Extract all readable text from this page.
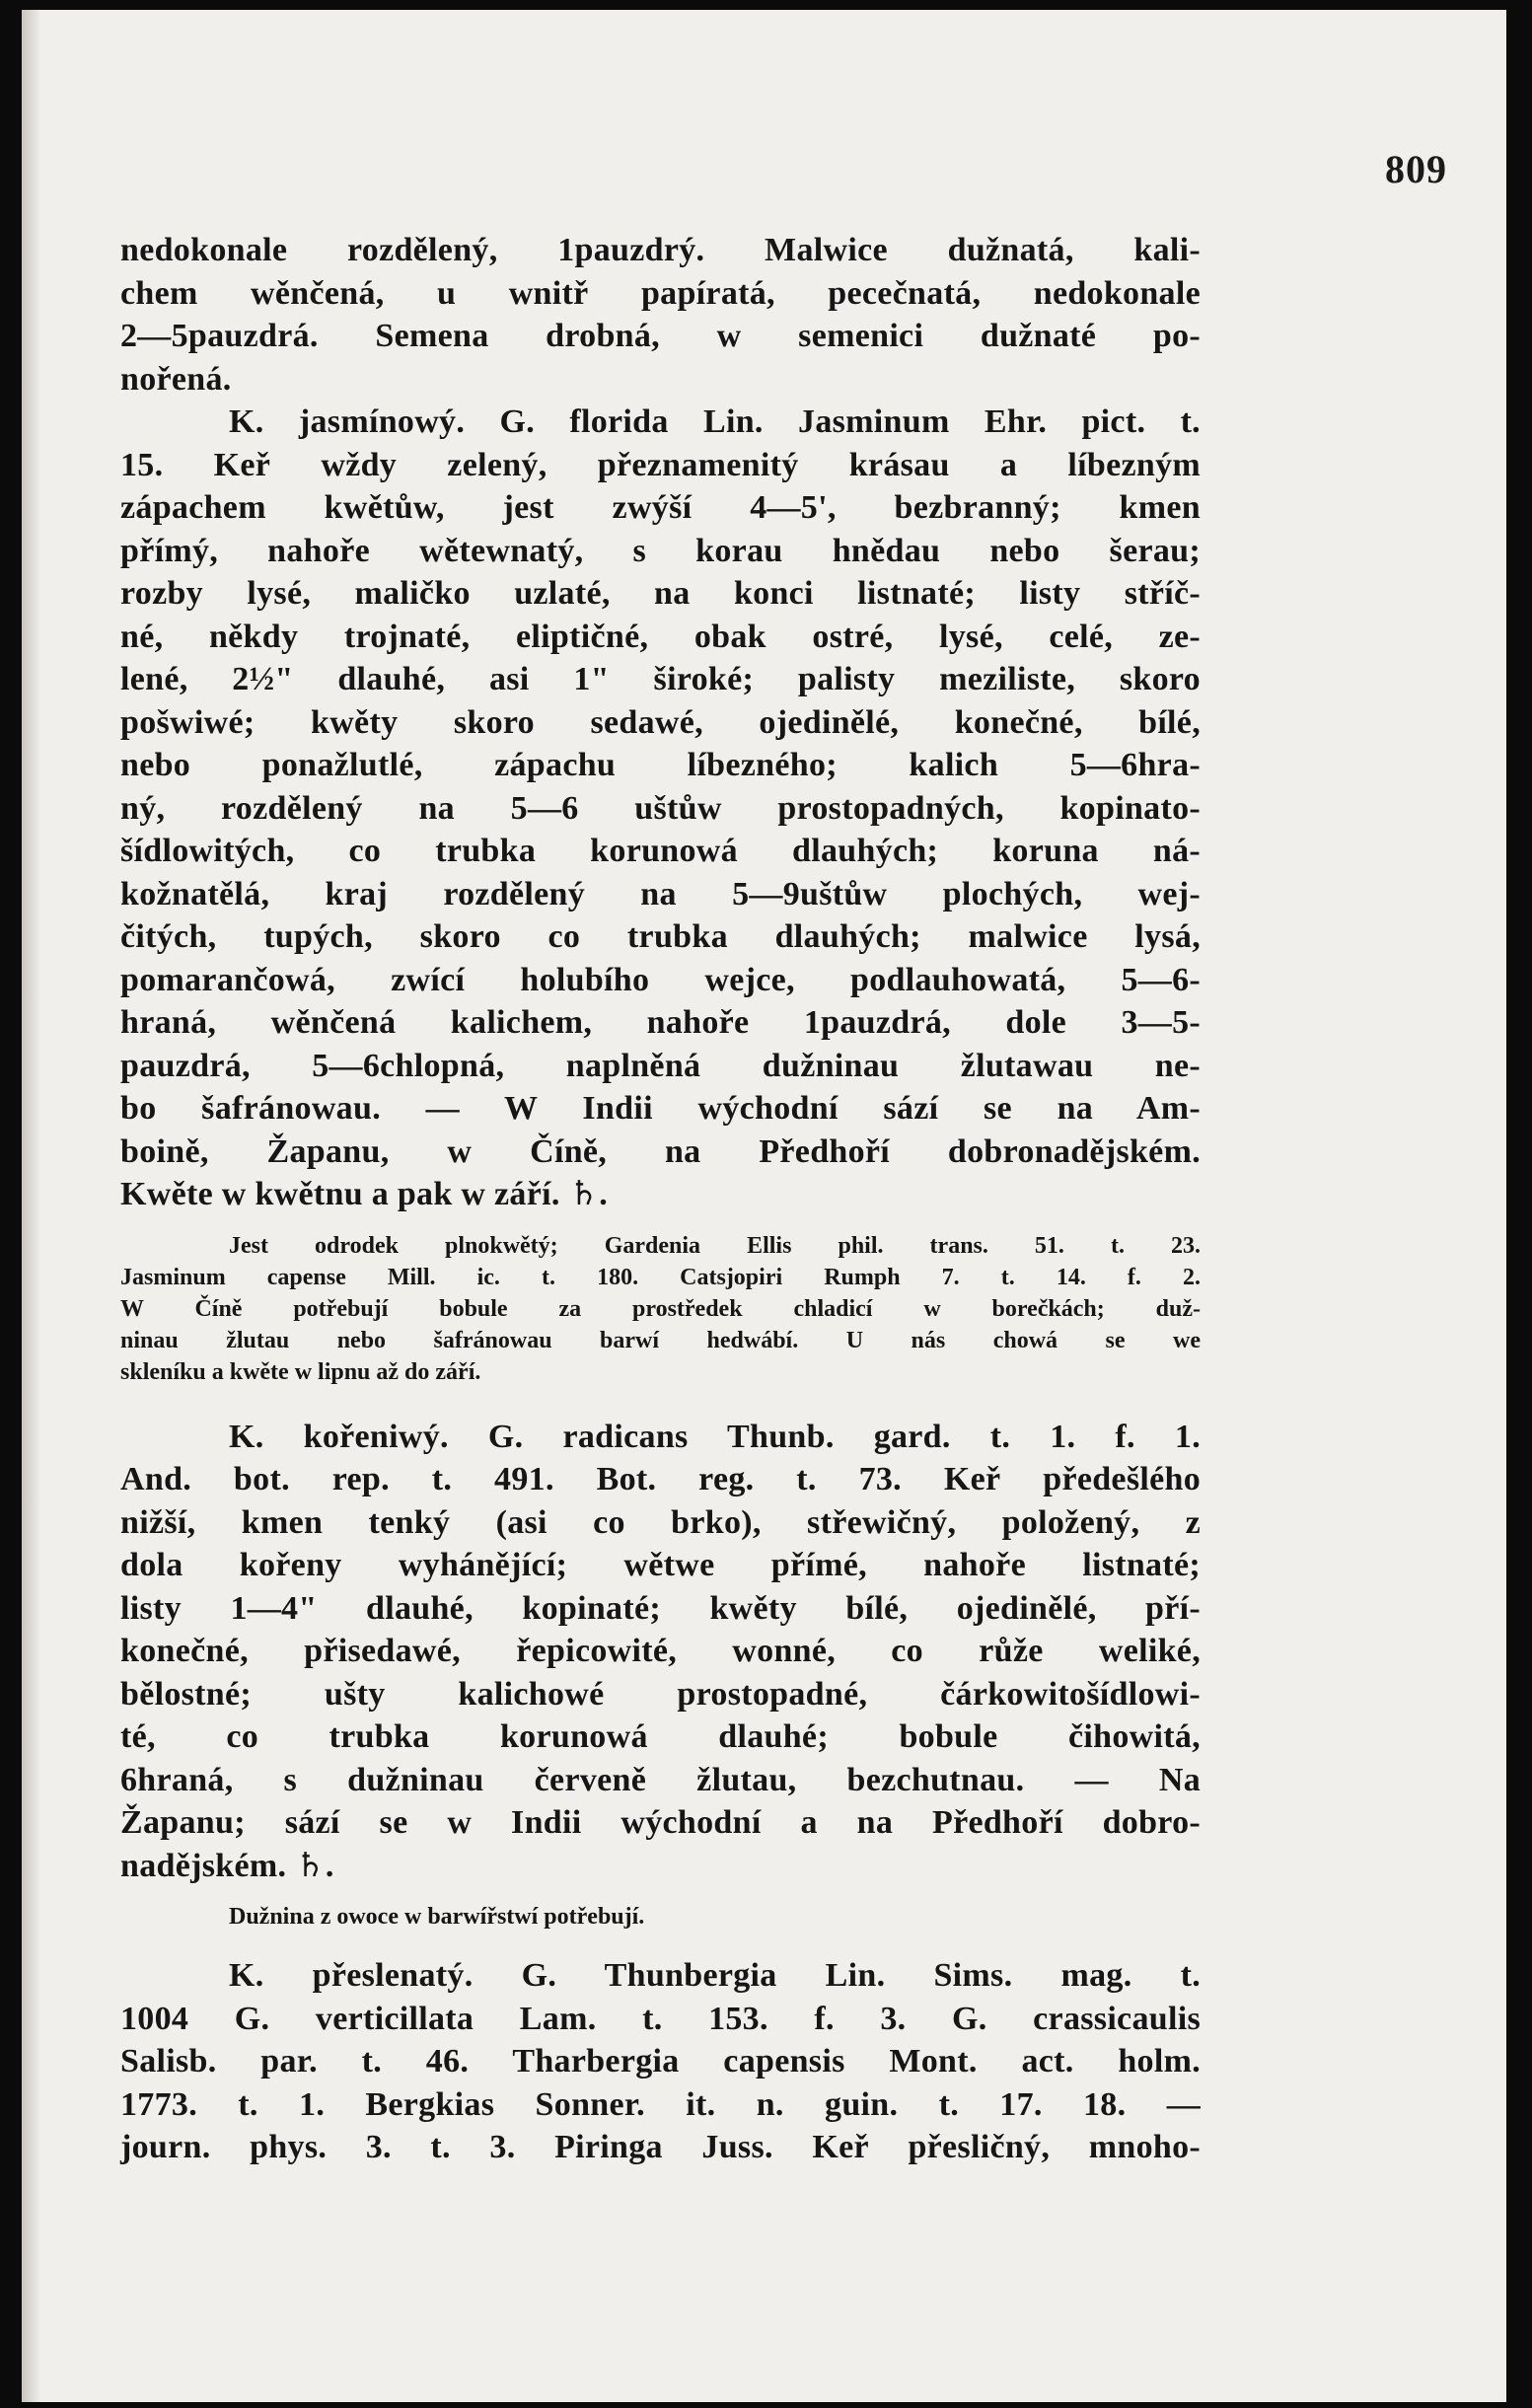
809
nedokonale rozdělený, 1pauzdrý. Malwice dužnatá, kali-
chem wěnčená, u wnitř papíratá, pecečnatá, nedokonale
2—5pauzdrá. Semena drobná, w semenici dužnaté po-
nořená.
K. jasmínowý. G. florida Lin. Jasminum Ehr. pict. t.
15. Keř wždy zelený, přeznamenitý krásau a líbezným
zápachem kwětůw, jest zwýší 4—5', bezbranný; kmen
přímý, nahoře wětewnatý, s korau hnědau nebo šerau;
rozby lysé, maličko uzlaté, na konci listnaté; listy stříč-
né, někdy trojnaté, eliptičné, obak ostré, lysé, celé, ze-
lené, 2½" dlauhé, asi 1" široké; palisty meziliste, skoro
pošwiwé; kwěty skoro sedawé, ojedinělé, konečné, bílé,
nebo ponažlutlé, zápachu líbezného; kalich 5—6hra-
ný, rozdělený na 5—6 uštůw prostopadných, kopinato-
šídlowitých, co trubka korunowá dlauhých; koruna ná-
kožnatělá, kraj rozdělený na 5—9uštůw plochých, wej-
čitých, tupých, skoro co trubka dlauhých; malwice lysá,
pomarančowá, zwící holubího wejce, podlauhowatá, 5—6-
hraná, wěnčená kalichem, nahoře 1pauzdrá, dole 3—5-
pauzdrá, 5—6chlopná, naplněná dužninau žlutawau ne-
bo šafránowau. — W Indii wýchodní sází se na Am-
boině, Žapanu, w Číně, na Předhoří dobronadějském.
Kwěte w kwětnu a pak w září. ♄.
Jest odrodek plnokwětý; Gardenia Ellis phil. trans. 51. t. 23.
Jasminum capense Mill. ic. t. 180. Catsjopiri Rumph 7. t. 14. f. 2.
W Číně potřebují bobule za prostředek chladicí w borečkách; duž-
ninau žlutau nebo šafránowau barwí hedwábí. U nás chowá se we
skleníku a kwěte w lipnu až do září.
K. kořeniwý. G. radicans Thunb. gard. t. 1. f. 1.
And. bot. rep. t. 491. Bot. reg. t. 73. Keř předešlého
nižší, kmen tenký (asi co brko), střewičný, položený, z
dola kořeny wyhánějící; wětwe přímé, nahoře listnaté;
listy 1—4" dlauhé, kopinaté; kwěty bílé, ojedinělé, pří-
konečné, přisedawé, řepicowité, wonné, co růže weliké,
bělostné; ušty kalichowé prostopadné, čárkowitošídlowi-
té, co trubka korunowá dlauhé; bobule čihowitá,
6hraná, s dužninau červeně žlutau, bezchutnau. — Na
Žapanu; sází se w Indii wýchodní a na Předhoří dobro-
nadějském. ♄.
Dužnina z owoce w barwířstwí potřebují.
K. přeslenatý. G. Thunbergia Lin. Sims. mag. t.
1004 G. verticillata Lam. t. 153. f. 3. G. crassicaulis
Salisb. par. t. 46. Tharbergia capensis Mont. act. holm.
1773. t. 1. Bergkias Sonner. it. n. guin. t. 17. 18. —
journ. phys. 3. t. 3. Piringa Juss. Keř přesličný, mnoho-
